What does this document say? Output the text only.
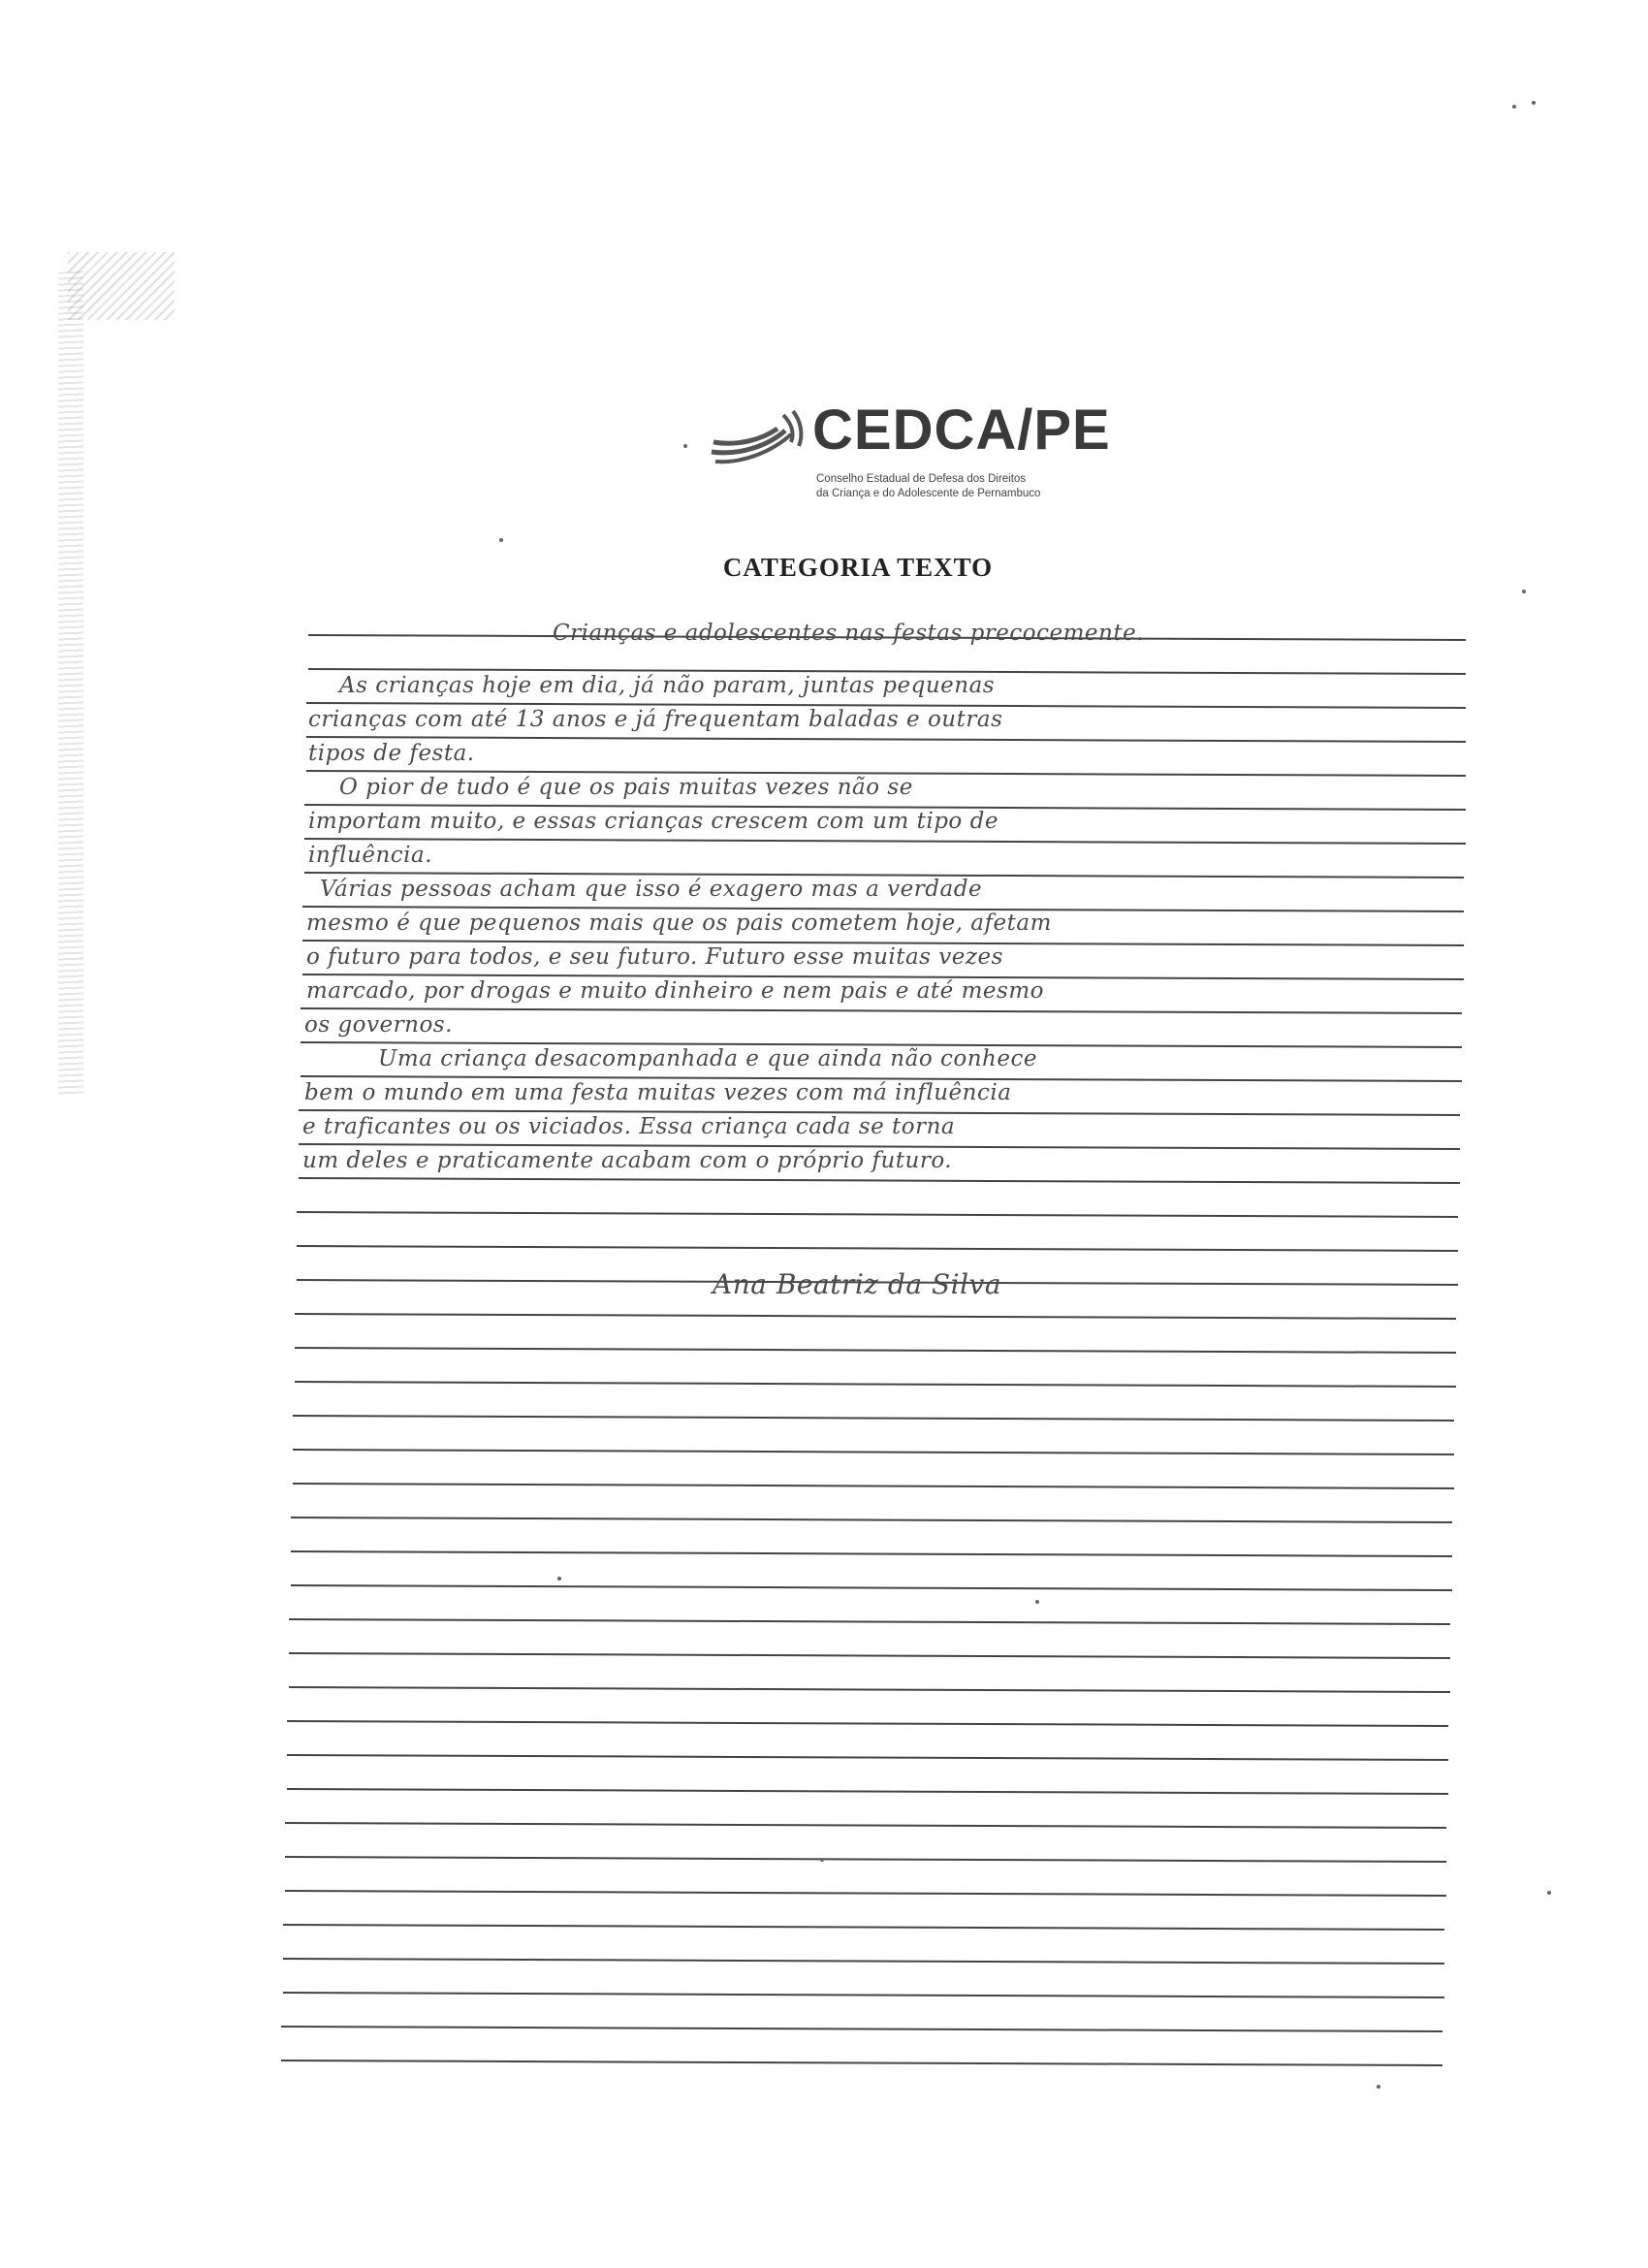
CEDCA/PE
Conselho Estadual de Defesa dos Direitos
da Criança e do Adolescente de Pernambuco
CATEGORIA TEXTO
Crianças e adolescentes nas festas precocemente.
As crianças hoje em dia, já não param, juntas pequenas
crianças com até 13 anos e já frequentam baladas e outras
tipos de festa.
O pior de tudo é que os pais muitas vezes não se
importam muito, e essas crianças crescem com um tipo de
influência.
Várias pessoas acham que isso é exagero mas a verdade
mesmo é que pequenos mais que os pais cometem hoje, afetam
o futuro para todos, e seu futuro. Futuro esse muitas vezes
marcado, por drogas e muito dinheiro e nem pais e até mesmo
os governos.
Uma criança desacompanhada e que ainda não conhece
bem o mundo em uma festa muitas vezes com má influência
e traficantes ou os viciados. Essa criança cada se torna
um deles e praticamente acabam com o próprio futuro.
Ana Beatriz da Silva
